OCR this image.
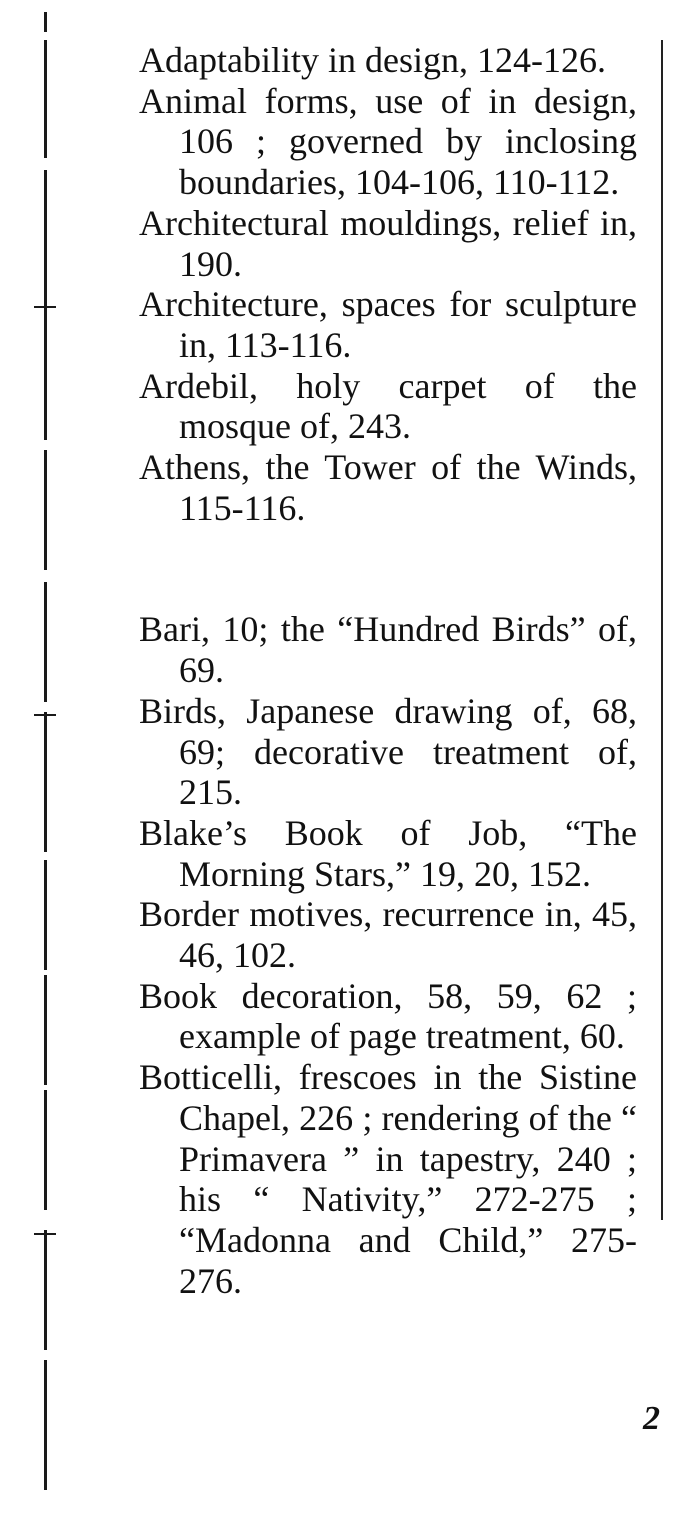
Adaptability in design, 124-126.

Animal forms, use of in design, 106 ; governed by inclosing boundaries, 104-106, 110-112.

Architectural mouldings, relief in, 190.

Architecture, spaces for sculpture in, 113-116.

Ardebil, holy carpet of the mosque of, 243.

Athens, the Tower of the Winds, 115-116.

Bari, 10; the “Hundred Birds” of, 69.

Birds, Japanese drawing of, 68, 69; decorative treatment of, 215.

Blake’s Book of Job, “The Morning Stars,” 19, 20, 152.

Border motives, recurrence in, 45, 46, 102.

Book decoration, 58, 59, 62 ; example of page treatment, 60.

Botticelli, frescoes in the Sistine Chapel, 226 ; rendering of the “ Primavera ” in tapestry, 240 ; his “ Nativity,” 272-275 ; “Madonna and Child,” 275-276.

2
